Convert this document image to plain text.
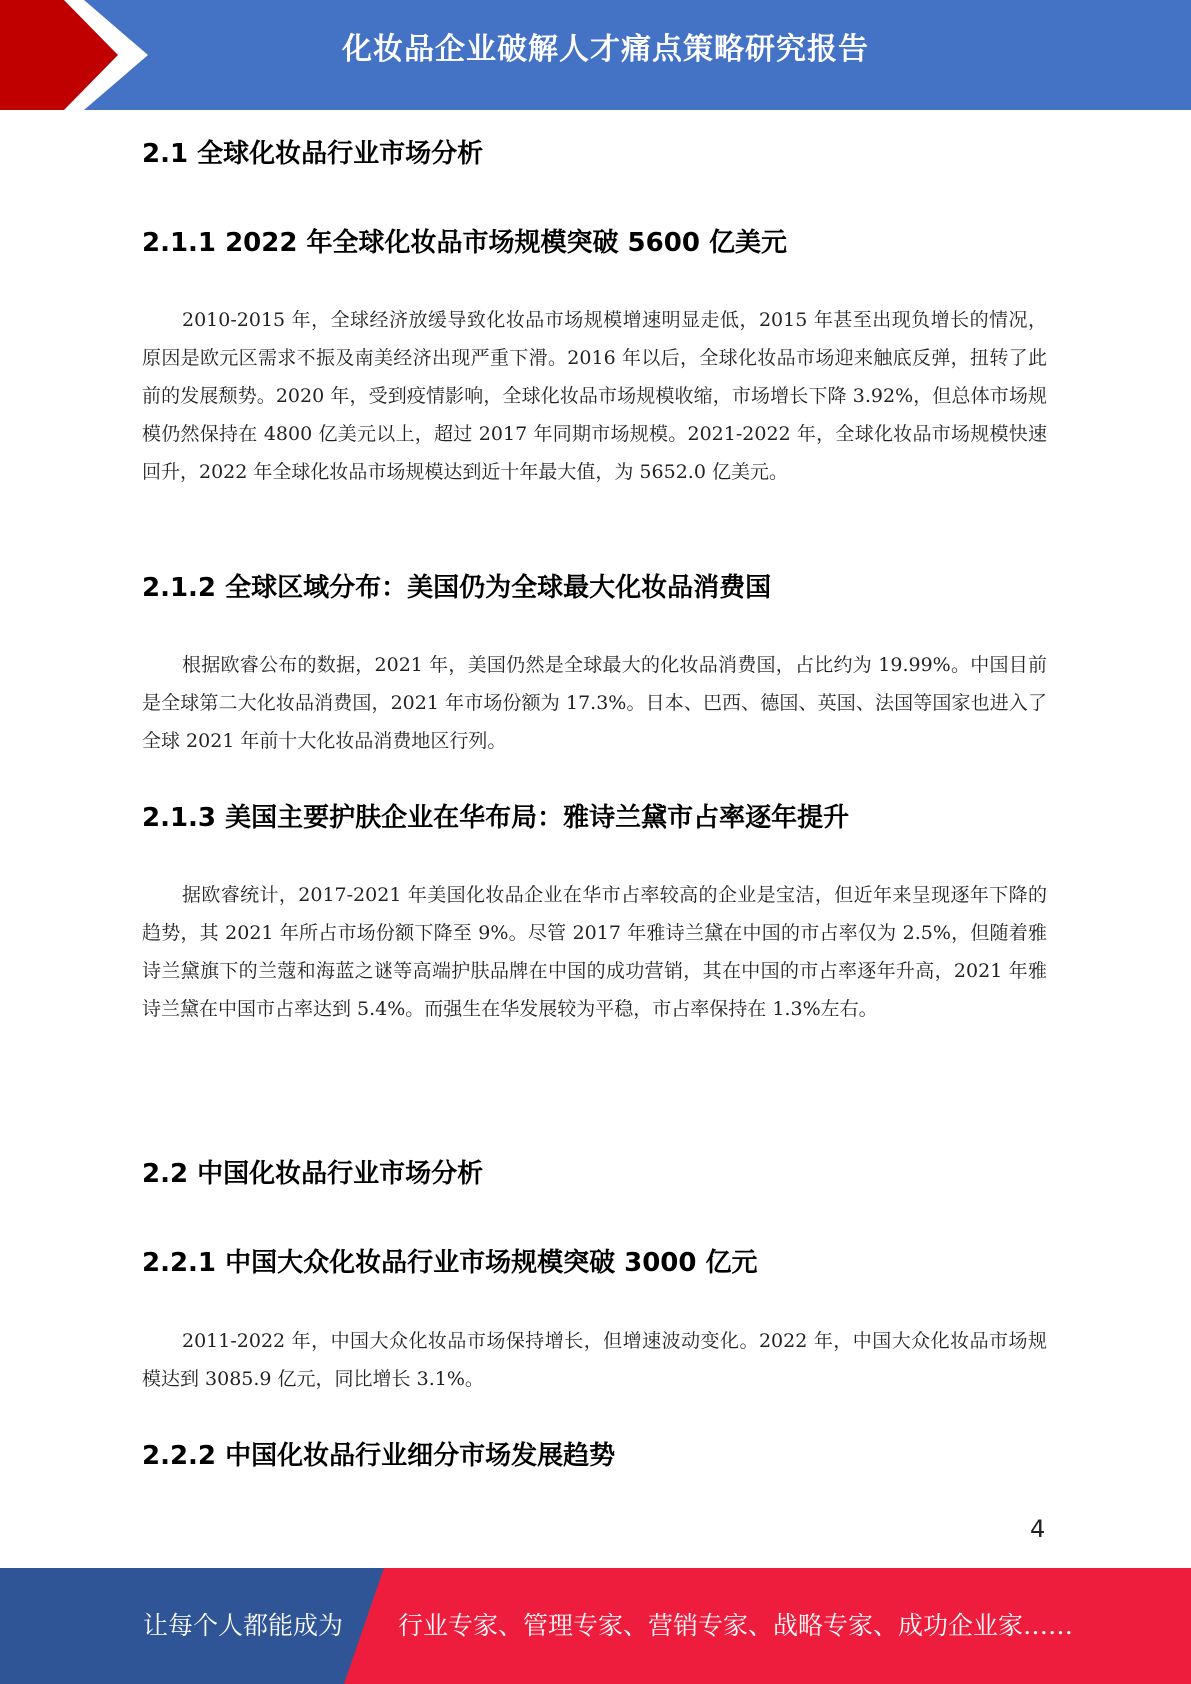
化妆品企业破解人才痛点策略研究报告
2.1 全球化妆品行业市场分析
2.1.1 2022 年全球化妆品市场规模突破 5600 亿美元

2010-2015 年，全球经济放缓导致化妆品市场规模增速明显走低，2015 年甚至出现负增长的情况，原因是欧元区需求不振及南美经济出现严重下滑。2016 年以后，全球化妆品市场迎来触底反弹，扭转了此前的发展颓势。2020 年，受到疫情影响，全球化妆品市场规模收缩，市场增长下降 3.92%，但总体市场规模仍然保持在 4800 亿美元以上，超过 2017 年同期市场规模。2021-2022 年，全球化妆品市场规模快速回升，2022 年全球化妆品市场规模达到近十年最大值，为 5652.0 亿美元。

2.1.2 全球区域分布：美国仍为全球最大化妆品消费国

根据欧睿公布的数据，2021 年，美国仍然是全球最大的化妆品消费国，占比约为 19.99%。中国目前是全球第二大化妆品消费国，2021 年市场份额为 17.3%。日本、巴西、德国、英国、法国等国家也进入了全球 2021 年前十大化妆品消费地区行列。

2.1.3 美国主要护肤企业在华布局：雅诗兰黛市占率逐年提升

据欧睿统计，2017-2021 年美国化妆品企业在华市占率较高的企业是宝洁，但近年来呈现逐年下降的趋势，其 2021 年所占市场份额下降至 9%。尽管 2017 年雅诗兰黛在中国的市占率仅为 2.5%，但随着雅诗兰黛旗下的兰蔻和海蓝之谜等高端护肤品牌在中国的成功营销，其在中国的市占率逐年升高，2021 年雅诗兰黛在中国市占率达到 5.4%。而强生在华发展较为平稳，市占率保持在 1.3%左右。

2.2 中国化妆品行业市场分析
2.2.1 中国大众化妆品行业市场规模突破 3000 亿元

2011-2022 年，中国大众化妆品市场保持增长，但增速波动变化。2022 年，中国大众化妆品市场规模达到 3085.9 亿元，同比增长 3.1%。

2.2.2 中国化妆品行业细分市场发展趋势
4
让每个人都能成为 行业专家、管理专家、营销专家、战略专家、成功企业家……
